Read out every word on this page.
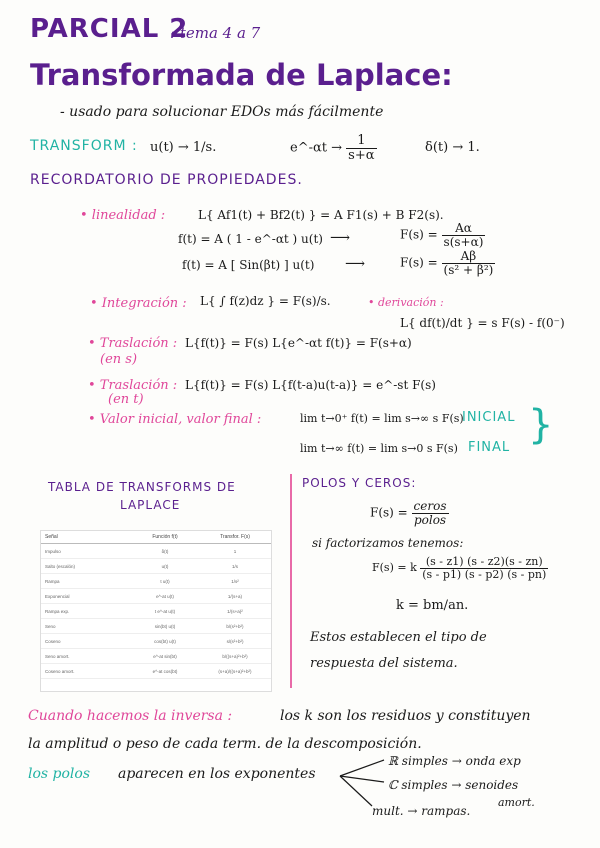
PARCIAL 2
: tema 4 a 7
Transformada de Laplace:
- usado para solucionar EDOs más fácilmente
TRANSFORM : u(t) → 1/s.	e^-αt → $\frac{1}{s+\alpha}$	δ(t) → 1.
RECORDATORIO DE PROPIEDADES.
• linealidad :	L{ Af1(t) + Bf2(t) } = A F1(s) + B F2(s).
f(t) = A ( 1 - e^-αt ) u(t) ⟶	$F(s) = \frac{A\alpha}{s(s+\alpha)}$
f(t) = A [ Sin(βt) ] u(t) ⟶	$F(s) = \frac{A\beta}{\text{(s² + β²)}}$
• Integración : L{ ∫ f(z)dz } = F(s)/s.	• derivación :
L{ df(t)/dt } = s F(s) - f(0⁻)
• Traslación :
(en s)
L{f(t)} = F(s) L{e^-αt f(t)} = F(s+α)
• Traslación :
(en t)
L{f(t)} = F(s) L{f(t-a)u(t-a)} = e^-st F(s)
• Valor inicial, valor final :	lim t→0⁺ f(t) = lim s→∞ s F(s)
INICIAL
lim t→∞ f(t) = lim s→0 s F(s) FINAL }
TABLA DE TRANSFORMS DE
LAPLACE
Señal	Función f(t)	Transfor. F(s)
Impulso	δ(t)	1
Salto (escalón)	u(t)	1/s
Rampa	t u(t)	1/s²
Exponencial	e^-at u(t)	1/(s+a)
Rampa exp.	t e^-at u(t)	1/(s+a)²
Seno	sin(bt) u(t)	b/(s²+b²)
Coseno	cos(bt) u(t)	s/(s²+b²)
Seno amort.	e^-at sin(bt)	b/((s+a)²+b²)
Coseno amort.	e^-at cos(bt)	(s+a)/((s+a)²+b²)
POLOS Y CEROS:
$F(s) = \frac{\text{ceros}}{\text{polos}}$
si factorizamos tenemos:
F(s) = k $\frac{(s - z1) (s - z2)(s - zn)}{(s - p1) (s - p2) (s - pn)}$
k = bm/an.
Estos establecen el tipo de
respuesta del sistema.
Cuando hacemos la inversa :	los k son los residuos y constituyen
la amplitud o peso de cada term. de la descomposición.
los polos aparecen en los exponentes
ℝ simples → onda exp
ℂ simples → senoides
amort.
mult. → rampas.
